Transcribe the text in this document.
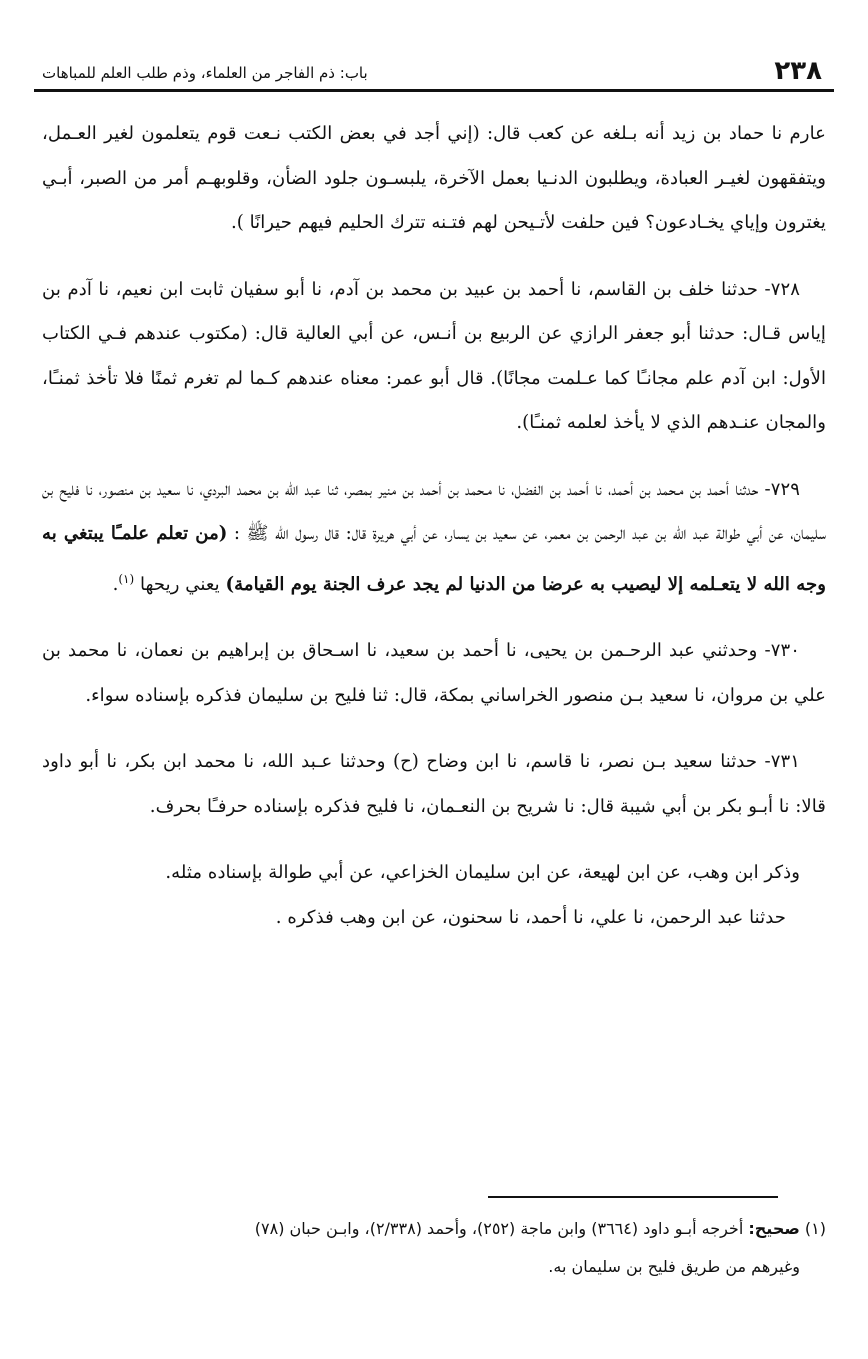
٢٣٨
باب: ذم الفاجر من العلماء، وذم طلب العلم للمباهات

عارم نا حماد بن زيد أنه بـلغه عن كعب قال: (إني أجد في بعض الكتب نـعت قوم يتعلمون لغير العـمل، ويتفقهون لغيـر العبادة، ويطلبون الدنـيا بعمل الآخرة، يلبسـون جلود الضأن، وقلوبهـم أمر من الصبر، أبـي يغترون وإياي يخـادعون؟ فين حلفت لأتـيحن لهم فتـنه تترك الحليم فيهم حيرانًا ).

٧٢٨- حدثنا خلف بن القاسم، نا أحمد بن عبيد بن محمد بن آدم، نا أبو سفيان ثابت ابن نعيم، نا آدم بن إياس قـال: حدثنا أبو جعفر الرازي عن الربيع بن أنـس، عن أبي العالية قال: (مكتوب عندهم فـي الكتاب الأول: ابن آدم علم مجانـًا كما عـلمت مجانًا). قال أبو عمر: معناه عندهم كـما لم تغرم ثمنًا فلا تأخذ ثمنـًا، والمجان عنـدهم الذي لا يأخذ لعلمه ثمنـًا).

٧٢٩- حدثنا أحمد بن مـحمد بن أحمد، نا أحمد بن الفضل، نا مـحمد بن أحمد بن منير بمصر، ثنا عبد الله بن محمد البردي، نا سعيد بن منصور، نا فليح بن سليمان، عن أبي طوالة عبد الله بن عبد الرحمن بن معمر، عن سعيد بن يسار، عن أبي هريرة قال: قال رسول الله ﷺ : (من تعلم علمـًا يبتغي به وجه الله لا يتعـلمه إلا ليصيب به عرضا من الدنيا لم يجد عرف الجنة يوم القيامة) يعني ريحها $^{(١)}$.

٧٣٠- وحدثني عبد الرحـمن بن يحيى، نا أحمد بن سعيد، نا اسـحاق بن إبراهيم بن نعمان، نا محمد بن علي بن مروان، نا سعيد بـن منصور الخراساني بمكة، قال: ثنا فليح بن سليمان فذكره بإسناده سواء.

٧٣١- حدثنا سعيد بـن نصر، نا قاسم، نا ابن وضاح (ح) وحدثنا عـبد الله، نا محمد ابن بكر، نا أبو داود قالا: نا أبـو بكر بن أبي شيبة قال: نا شريح بن النعـمان، نا فليح فذكره بإسناده حرفـًا بحرف.

وذكر ابن وهب، عن ابن لهيعة، عن ابن سليمان الخزاعي، عن أبي طوالة بإسناده مثله.

حدثنا عبد الرحمن، نا علي، نا أحمد، نا سحنون، عن ابن وهب فذكره .

(١) صحيح: أخرجه أبـو داود (٣٦٦٤) وابن ماجة (٢٥٢)، وأحمد (٢/٣٣٨)، وابـن حبان (٧٨)

وغيرهم من طريق فليح بن سليمان به.
